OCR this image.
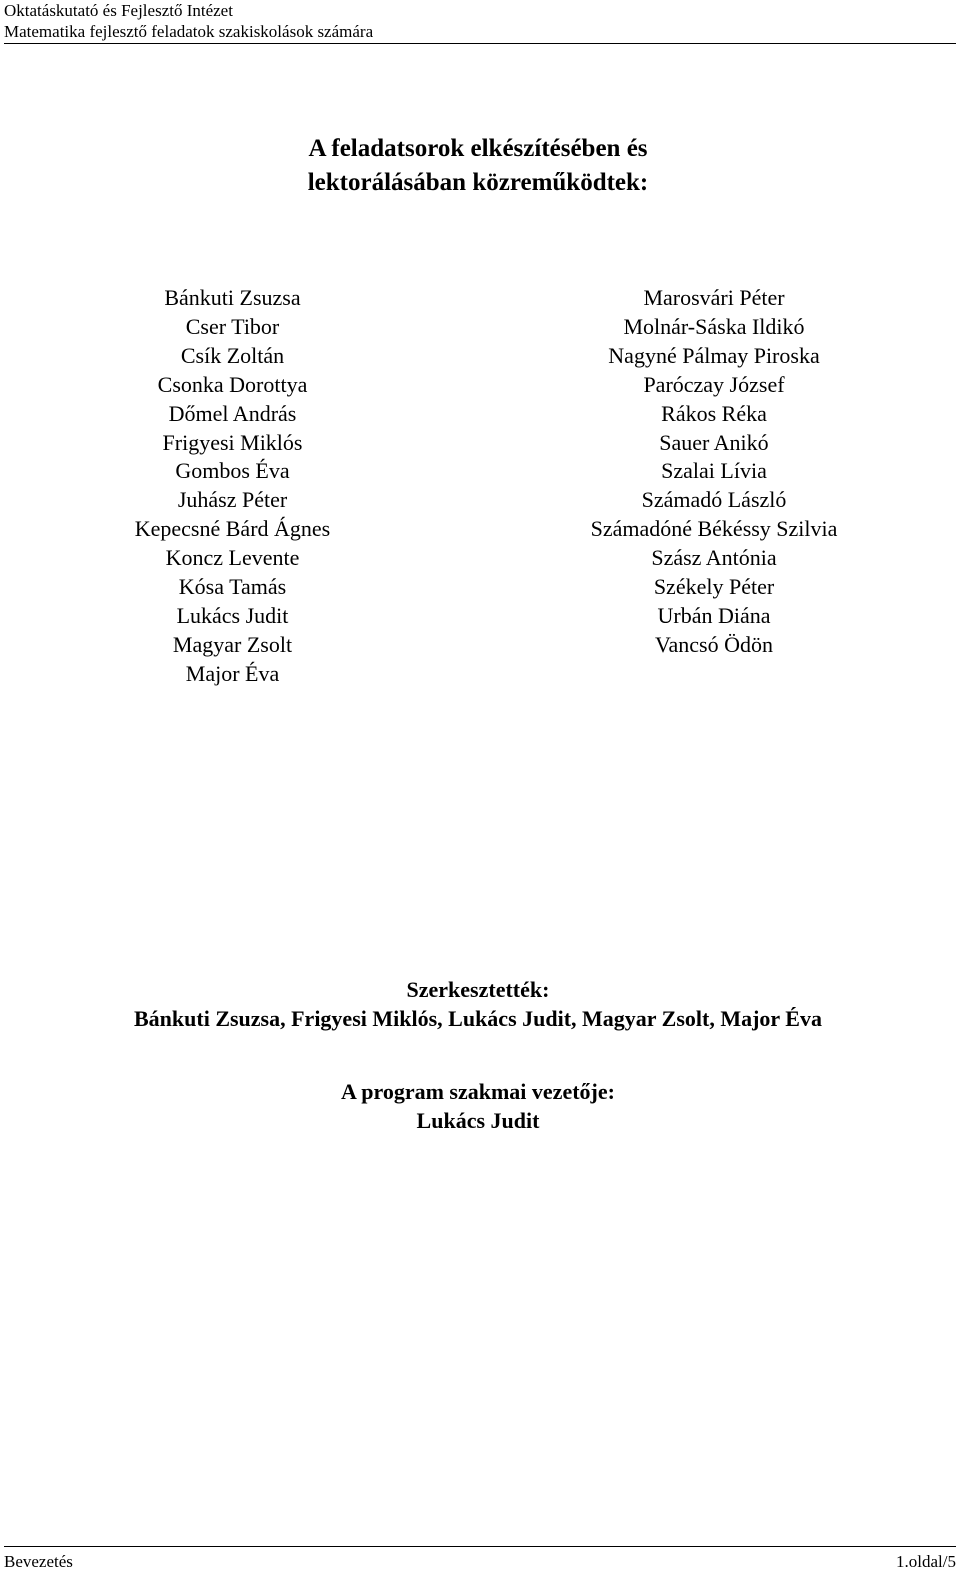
Oktatáskutató és Fejlesztő Intézet
Matematika fejlesztő feladatok szakiskolások számára
A feladatsorok elkészítésében és
lektorálásában közreműködtek:
Bánkuti Zsuzsa
Cser Tibor
Csík Zoltán
Csonka Dorottya
Dőmel András
Frigyesi Miklós
Gombos Éva
Juhász Péter
Kepecsné Bárd Ágnes
Koncz Levente
Kósa Tamás
Lukács Judit
Magyar Zsolt
Major Éva
Marosvári Péter
Molnár-Sáska Ildikó
Nagyné Pálmay Piroska
Paróczay József
Rákos Réka
Sauer Anikó
Szalai Lívia
Számadó László
Számadóné Békéssy Szilvia
Szász Antónia
Székely Péter
Urbán Diána
Vancsó Ödön
Szerkesztették:
Bánkuti Zsuzsa, Frigyesi Miklós, Lukács Judit, Magyar Zsolt, Major Éva
A program szakmai vezetője:
Lukács Judit
Bevezetés	1.oldal/5
